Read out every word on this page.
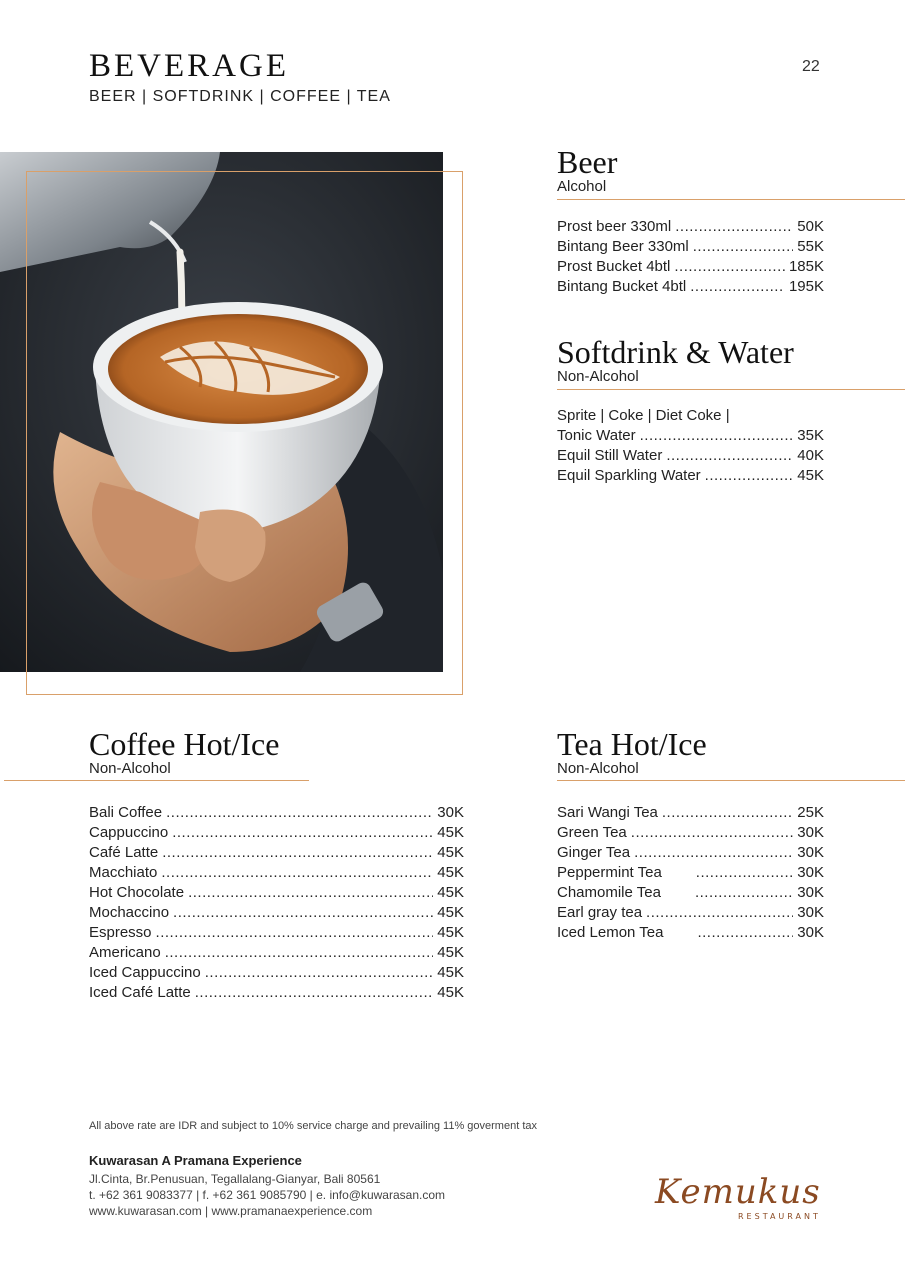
BEVERAGE
BEER | SOFTDRINK | COFFEE | TEA
22
Beer
Alcohol
Prost beer 330ml .....	50K
Bintang Beer 330ml .....	55K
Prost Bucket 4btl .....	185K
Bintang Bucket 4btl .....	195K
Softdrink & Water
Non-Alcohol
Sprite | Coke | Diet Coke |
Tonic Water .....	35K
Equil Still Water .....	40K
Equil Sparkling Water .....	45K
Coffee Hot/Ice
Non-Alcohol
Bali Coffee .....	30K
Cappuccino .....	45K
Café Latte .....	45K
Macchiato .....	45K
Hot Chocolate .....	45K
Mochaccino .....	45K
Espresso .....	45K
Americano .....	45K
Iced Cappuccino .....	45K
Iced Café Latte .....	45K
Tea Hot/Ice
Non-Alcohol
Sari Wangi Tea .....	25K
Green Tea .....	30K
Ginger Tea .....	30K
Peppermint Tea .....	30K
Chamomile Tea .....	30K
Earl gray tea .....	30K
Iced Lemon Tea .....	30K
All above rate are IDR and subject to 10% service charge and prevailing 11% goverment tax
Kuwarasan A Pramana Experience
Jl.Cinta, Br.Penusuan, Tegallalang-Gianyar, Bali 80561
t. +62 361 9083377 | f. +62 361 9085790 | e. info@kuwarasan.com
www.kuwarasan.com | www.pramanaexperience.com	Kemukus
RESTAURANT
